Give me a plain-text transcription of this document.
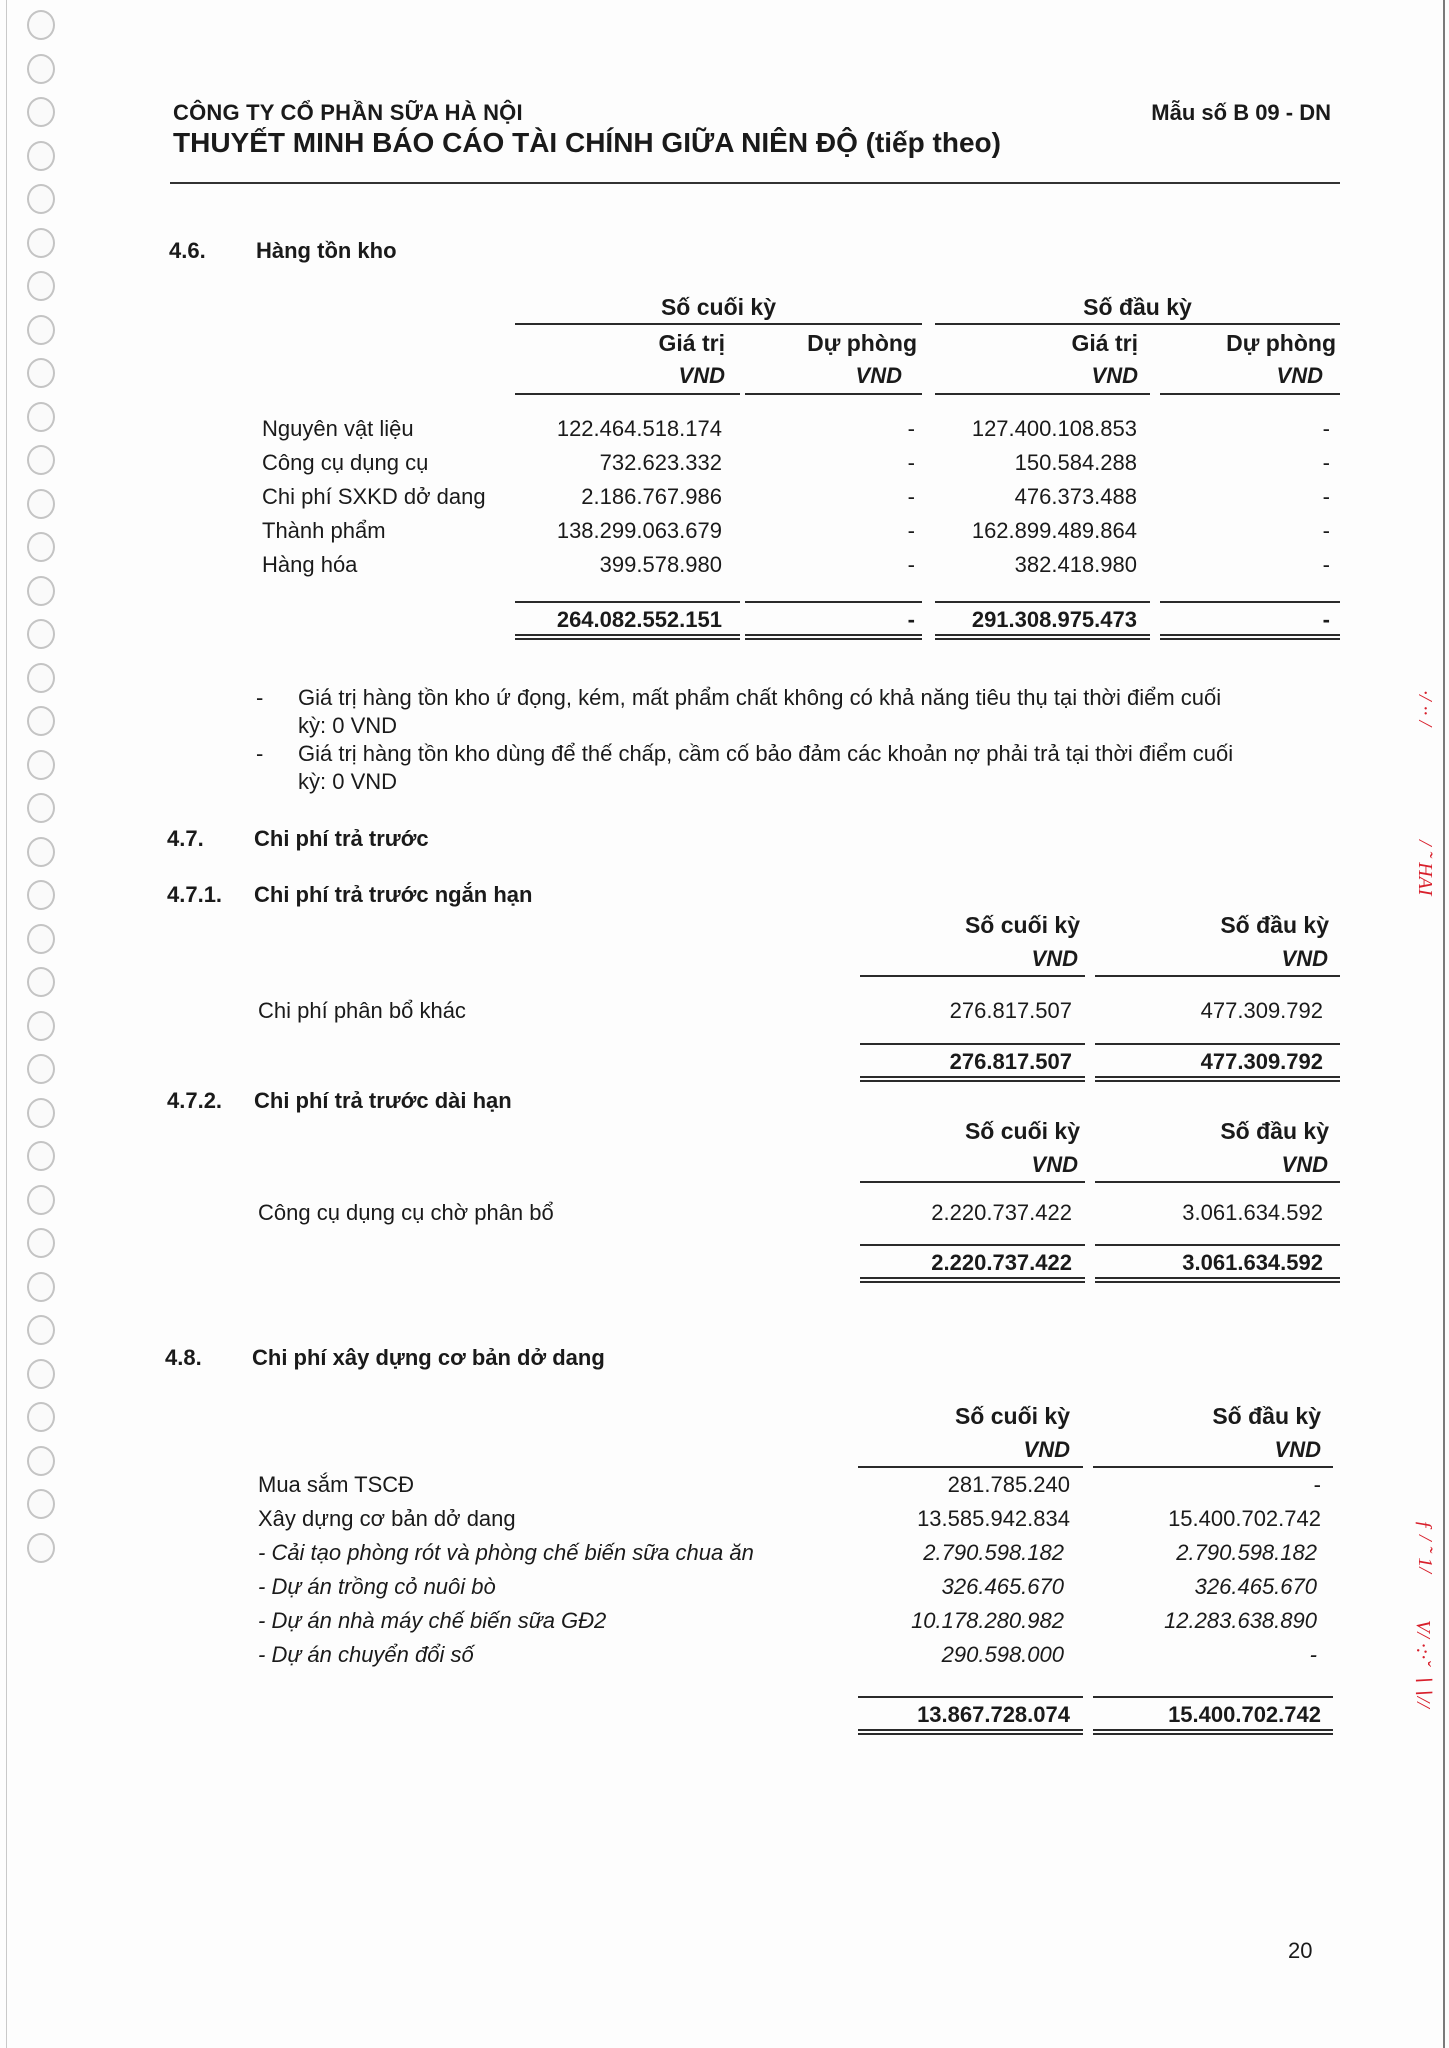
·/ ·· /
/ ˜ HAI
ƒ / ˜ 1/
V/ ·:·ˇ ∖∖//
CÔNG TY CỔ PHẦN SỮA HÀ NỘI	Mẫu số B 09 - DN
THUYẾT MINH BÁO CÁO TÀI CHÍNH GIỮA NIÊN ĐỘ (tiếp theo)
4.6. Hàng tồn kho
Số cuối kỳ	Số đầu kỳ
Giá trị	Dự phòng	Giá trị	Dự phòng
VND	VND	VND	VND
Nguyên vật liệu	122.464.518.174	-	127.400.108.853	-
Công cụ dụng cụ	732.623.332	-	150.584.288	-
Chi phí SXKD dở dang	2.186.767.986	-	476.373.488	-
Thành phẩm	138.299.063.679	-	162.899.489.864	-
Hàng hóa	399.578.980	-	382.418.980	-
264.082.552.151	-	291.308.975.473	-
- Giá trị hàng tồn kho ứ đọng, kém, mất phẩm chất không có khả năng tiêu thụ tại thời điểm cuối
kỳ: 0 VND
- Giá trị hàng tồn kho dùng để thế chấp, cầm cố bảo đảm các khoản nợ phải trả tại thời điểm cuối
kỳ: 0 VND
4.7. Chi phí trả trước
4.7.1. Chi phí trả trước ngắn hạn
Số cuối kỳ	Số đầu kỳ
VND	VND
Chi phí phân bổ khác	276.817.507	477.309.792
276.817.507	477.309.792
4.7.2. Chi phí trả trước dài hạn
Số cuối kỳ	Số đầu kỳ
VND	VND
Công cụ dụng cụ chờ phân bổ	2.220.737.422	3.061.634.592
2.220.737.422	3.061.634.592
4.8. Chi phí xây dựng cơ bản dở dang
Số cuối kỳ	Số đầu kỳ
VND	VND
Mua sắm TSCĐ	281.785.240	-
Xây dựng cơ bản dở dang	13.585.942.834	15.400.702.742
- Cải tạo phòng rót và phòng chế biến sữa chua ăn	2.790.598.182	2.790.598.182
- Dự án trồng cỏ nuôi bò	326.465.670	326.465.670
- Dự án nhà máy chế biến sữa GĐ2	10.178.280.982	12.283.638.890
- Dự án chuyển đổi số	290.598.000	-
13.867.728.074	15.400.702.742
20
